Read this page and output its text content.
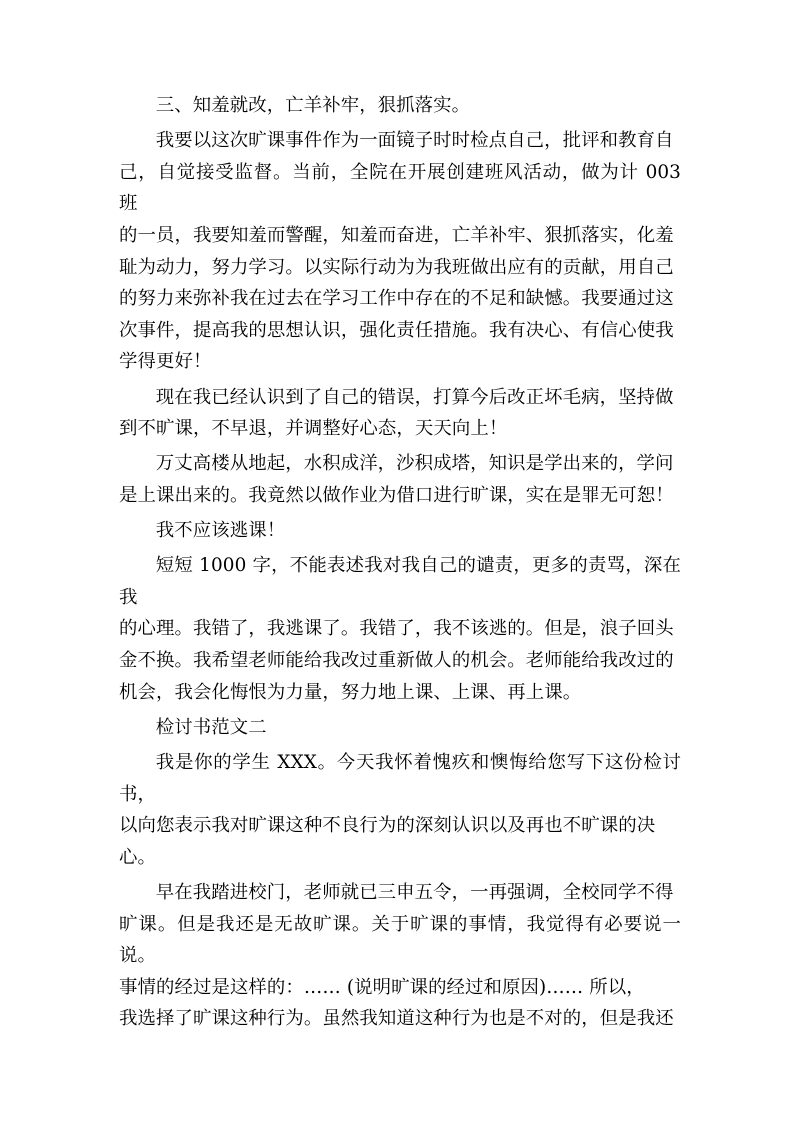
三、知羞就改，亡羊补牢，狠抓落实。

我要以这次旷课事件作为一面镜子时时检点自己，批评和教育自
己，自觉接受监督。当前，全院在开展创建班风活动，做为计 003 班
的一员，我要知羞而警醒，知羞而奋进，亡羊补牢、狠抓落实，化羞
耻为动力，努力学习。以实际行动为为我班做出应有的贡献，用自己
的努力来弥补我在过去在学习工作中存在的不足和缺憾。我要通过这
次事件，提高我的思想认识，强化责任措施。我有决心、有信心使我
学得更好！

现在我已经认识到了自己的错误，打算今后改正坏毛病，坚持做
到不旷课，不早退，并调整好心态，天天向上！

万丈高楼从地起，水积成洋，沙积成塔，知识是学出来的，学问
是上课出来的。我竟然以做作业为借口进行旷课，实在是罪无可恕！

我不应该逃课！

短短 1000 字，不能表述我对我自己的谴责，更多的责骂，深在我
的心理。我错了，我逃课了。我错了，我不该逃的。但是，浪子回头
金不换。我希望老师能给我改过重新做人的机会。老师能给我改过的
机会，我会化悔恨为力量，努力地上课、上课、再上课。

检讨书范文二

我是你的学生 XXX。今天我怀着愧疚和懊悔给您写下这份检讨书，
以向您表示我对旷课这种不良行为的深刻认识以及再也不旷课的决
心。

早在我踏进校门，老师就已三申五令，一再强调，全校同学不得
旷课。但是我还是无故旷课。关于旷课的事情，我觉得有必要说一说。
事情的经过是这样的：…… (说明旷课的经过和原因)…… 所以，
我选择了旷课这种行为。虽然我知道这种行为也是不对的，但是我还
